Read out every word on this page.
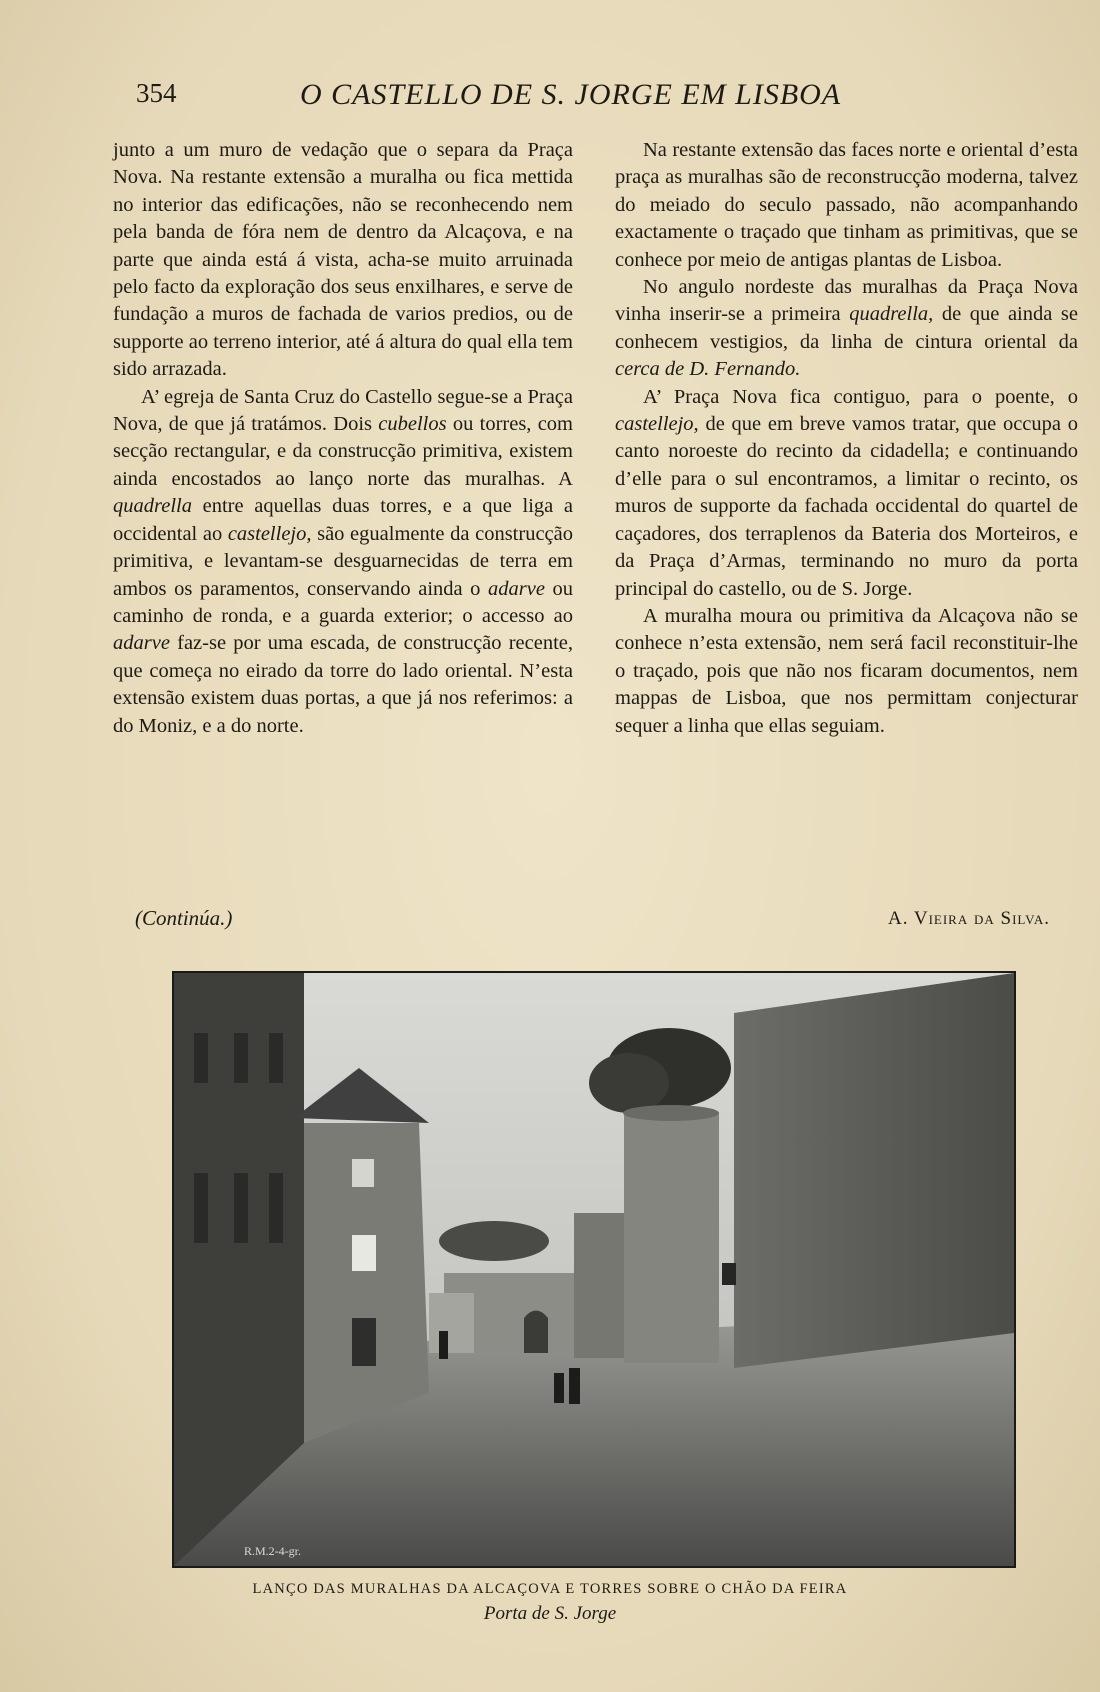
354	O CASTELLO DE S. JORGE EM LISBOA

junto a um muro de vedação que o separa da Praça Nova. Na restante extensão a muralha ou fica mettida no interior das edificações, não se reconhecendo nem pela banda de fóra nem de dentro da Alcaçova, e na parte que ainda está á vista, acha-se muito arruinada pelo facto da exploração dos seus enxilhares, e serve de fundação a muros de fachada de varios predios, ou de supporte ao terreno interior, até á altura do qual ella tem sido arrazada.

A’ egreja de Santa Cruz do Castello segue-se a Praça Nova, de que já tratámos. Dois cubellos ou torres, com secção rectangular, e da construcção primitiva, existem ainda encostados ao lanço norte das muralhas. A quadrella entre aquellas duas torres, e a que liga a occidental ao castellejo, são egualmente da construcção primitiva, e levantam-se desguarnecidas de terra em ambos os paramentos, conservando ainda o adarve ou caminho de ronda, e a guarda exterior; o accesso ao adarve faz-se por uma escada, de construcção recente, que começa no eirado da torre do lado oriental. N’esta extensão existem duas portas, a que já nos referimos: a do Moniz, e a do norte.

Na restante extensão das faces norte e oriental d’esta praça as muralhas são de reconstrucção moderna, talvez do meiado do seculo passado, não acompanhando exactamente o traçado que tinham as primitivas, que se conhece por meio de antigas plantas de Lisboa.

No angulo nordeste das muralhas da Praça Nova vinha inserir-se a primeira quadrella, de que ainda se conhecem vestigios, da linha de cintura oriental da cerca de D. Fernando.

A’ Praça Nova fica contiguo, para o poente, o castellejo, de que em breve vamos tratar, que occupa o canto noroeste do recinto da cidadella; e continuando d’elle para o sul encontramos, a limitar o recinto, os muros de supporte da fachada occidental do quartel de caçadores, dos terraplenos da Bateria dos Morteiros, e da Praça d’Armas, terminando no muro da porta principal do castello, ou de S. Jorge.

A muralha moura ou primitiva da Alcaçova não se conhece n’esta extensão, nem será facil reconstituir-lhe o traçado, pois que não nos ficaram documentos, nem mappas de Lisboa, que nos permittam conjecturar sequer a linha que ellas seguiam.

(Continúa.)	A. Vieira da Silva.
R.M.2-4-gr.
LANÇO DAS MURALHAS DA ALCAÇOVA E TORRES SOBRE O CHÃO DA FEIRA
Porta de S. Jorge
